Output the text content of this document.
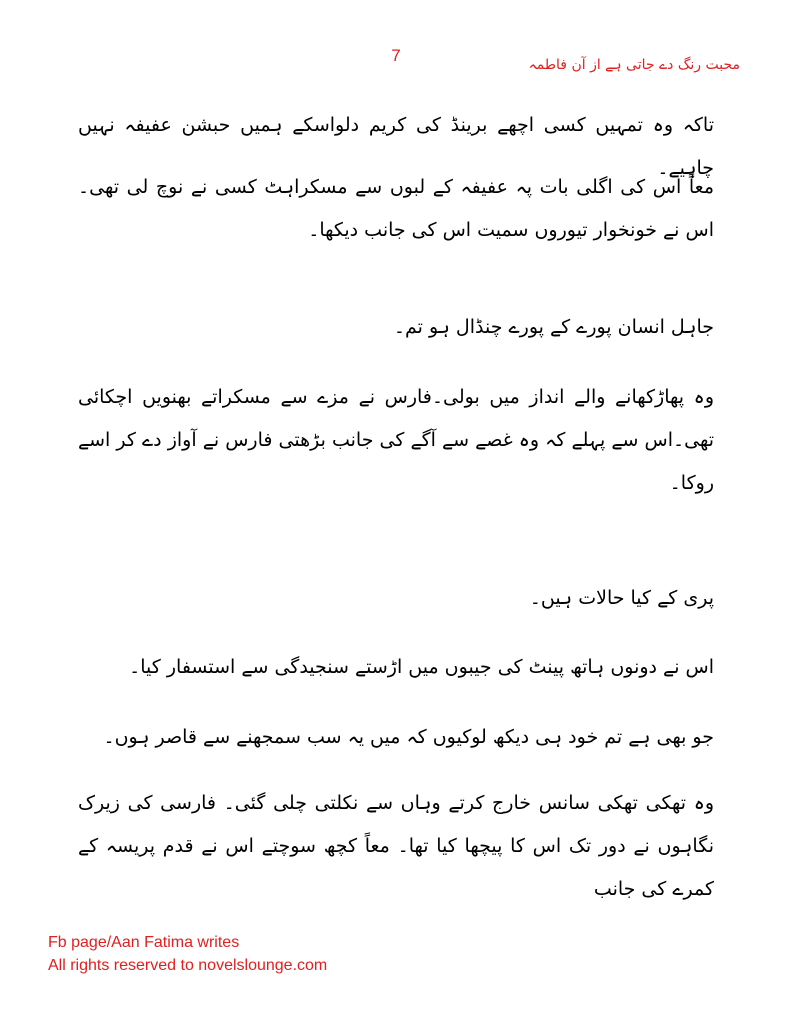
7	محبت رنگ دے جاتی ہے از آن فاطمہ

تاکہ وہ تمہیں کسی اچھے برینڈ کی کریم دلواسکے ہمیں حبشن عفیفہ نہیں چاہیے۔

معاً اس کی اگلی بات پہ عفیفہ کے لبوں سے مسکراہٹ کسی نے نوچ لی تھی۔اس نے خونخوار تیوروں سمیت اس کی جانب دیکھا۔

جاہل انسان پورے کے پورے چنڈال ہو تم۔

وہ پھاڑکھانے والے انداز میں بولی۔فارس نے مزے سے مسکراتے بھنویں اچکائی تھی۔اس سے پہلے کہ وہ غصے سے آگے کی جانب بڑھتی فارس نے آواز دے کر اسے روکا۔

پری کے کیا حالات ہیں۔

اس نے دونوں ہاتھ پینٹ کی جیبوں میں اڑستے سنجیدگی سے استسفار کیا۔

جو بھی ہے تم خود ہی دیکھ لوکیوں کہ میں یہ سب سمجھنے سے قاصر ہوں۔

وہ تھکی تھکی سانس خارج کرتے وہاں سے نکلتی چلی گئی۔ فارسی کی زیرک نگاہوں نے دور تک اس کا پیچھا کیا تھا۔ معاً کچھ سوچتے اس نے قدم پریسہ کے کمرے کی جانب

Fb page/Aan Fatima writes
All rights reserved to novelslounge.com
